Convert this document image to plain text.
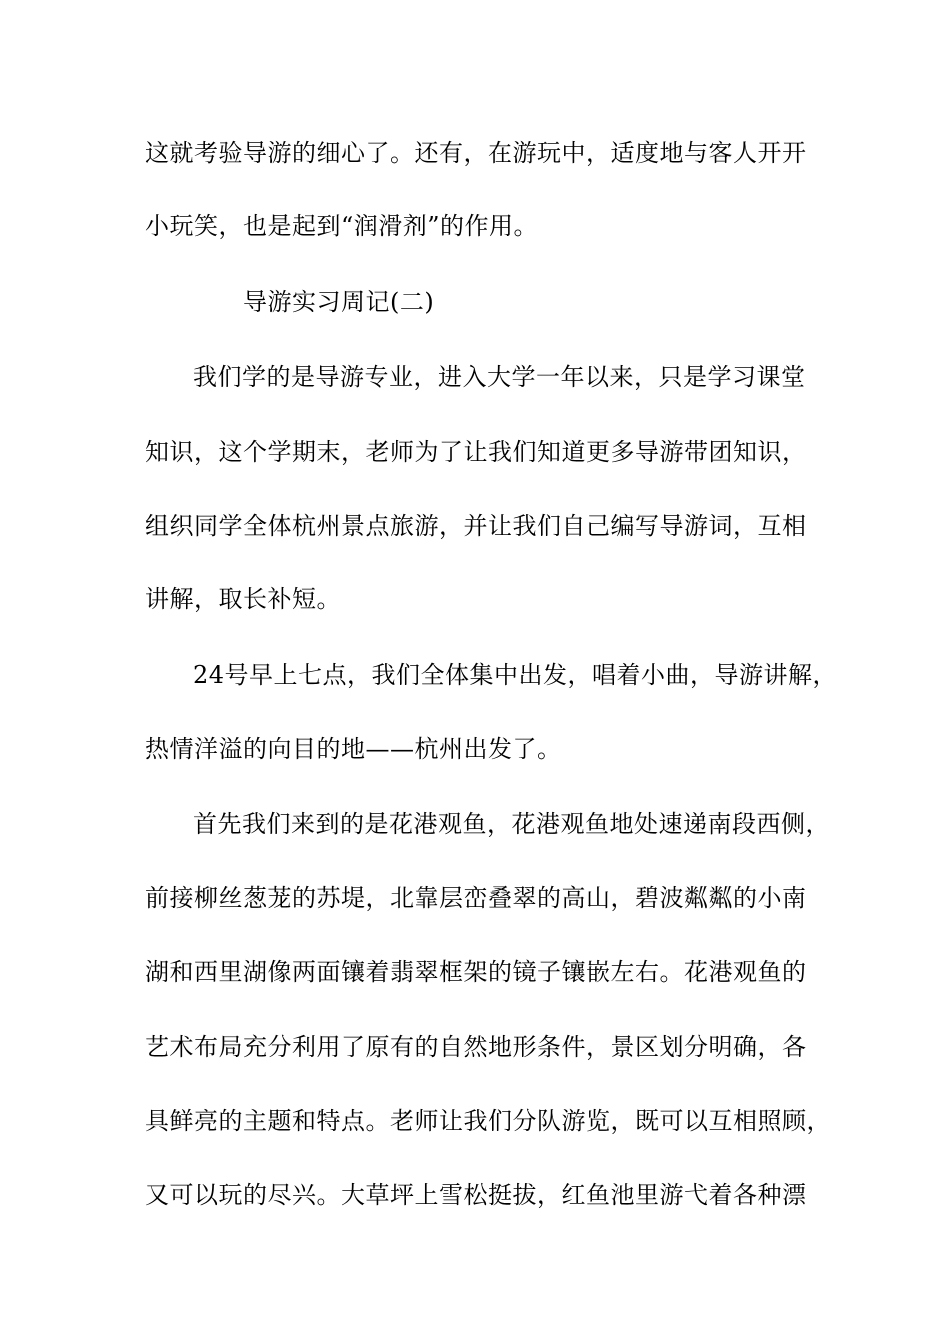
这就考验导游的细心了。还有，在游玩中，适度地与客人开开
小玩笑，也是起到“润滑剂”的作用。
导游实习周记(二)
我们学的是导游专业，进入大学一年以来，只是学习课堂
知识，这个学期末，老师为了让我们知道更多导游带团知识，
组织同学全体杭州景点旅游，并让我们自己编写导游词，互相
讲解，取长补短。
24号早上七点，我们全体集中出发，唱着小曲，导游讲解，
热情洋溢的向目的地——杭州出发了。
首先我们来到的是花港观鱼，花港观鱼地处速递南段西侧，
前接柳丝葱茏的苏堤，北靠层峦叠翠的高山，碧波粼粼的小南
湖和西里湖像两面镶着翡翠框架的镜子镶嵌左右。花港观鱼的
艺术布局充分利用了原有的自然地形条件，景区划分明确，各
具鲜亮的主题和特点。老师让我们分队游览，既可以互相照顾，
又可以玩的尽兴。大草坪上雪松挺拔，红鱼池里游弋着各种漂
